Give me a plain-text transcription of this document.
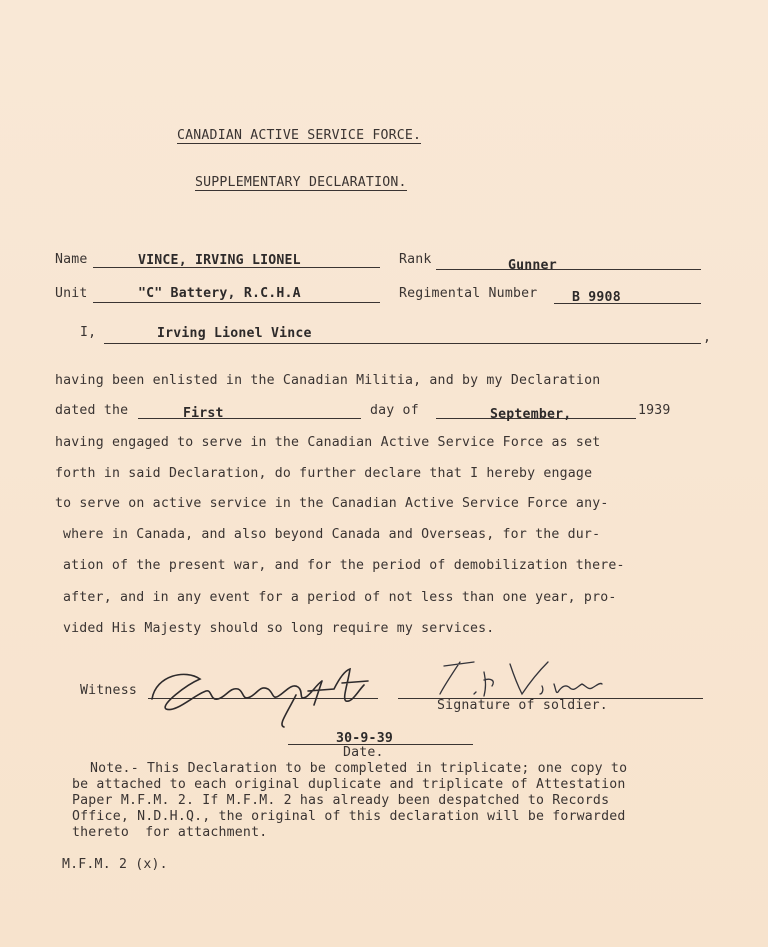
CANADIAN ACTIVE SERVICE FORCE.
SUPPLEMENTARY DECLARATION.
Name	VINCE, IRVING LIONEL	Rank	Gunner
Unit	"C" Battery, R.C.H.A	Regimental Number	B 9908
I,	Irving Lionel Vince	,
having been enlisted in the Canadian Militia, and by my Declaration
dated the	First	day of	September,	1939
having engaged to serve in the Canadian Active Service Force as set
forth in said Declaration, do further declare that I hereby engage
to serve on active service in the Canadian Active Service Force any-
where in Canada, and also beyond Canada and Overseas, for the dur-
ation of the present war, and for the period of demobilization there-
after, and in any event for a period of not less than one year, pro-
vided His Majesty should so long require my services.
Witness
Signature of soldier.
30-9-39
Date.
Note.- This Declaration to be completed in triplicate; one copy to
be attached to each original duplicate and triplicate of Attestation
Paper M.F.M. 2. If M.F.M. 2 has already been despatched to Records
Office, N.D.H.Q., the original of this declaration will be forwarded
thereto  for attachment.
M.F.M. 2 (x).
